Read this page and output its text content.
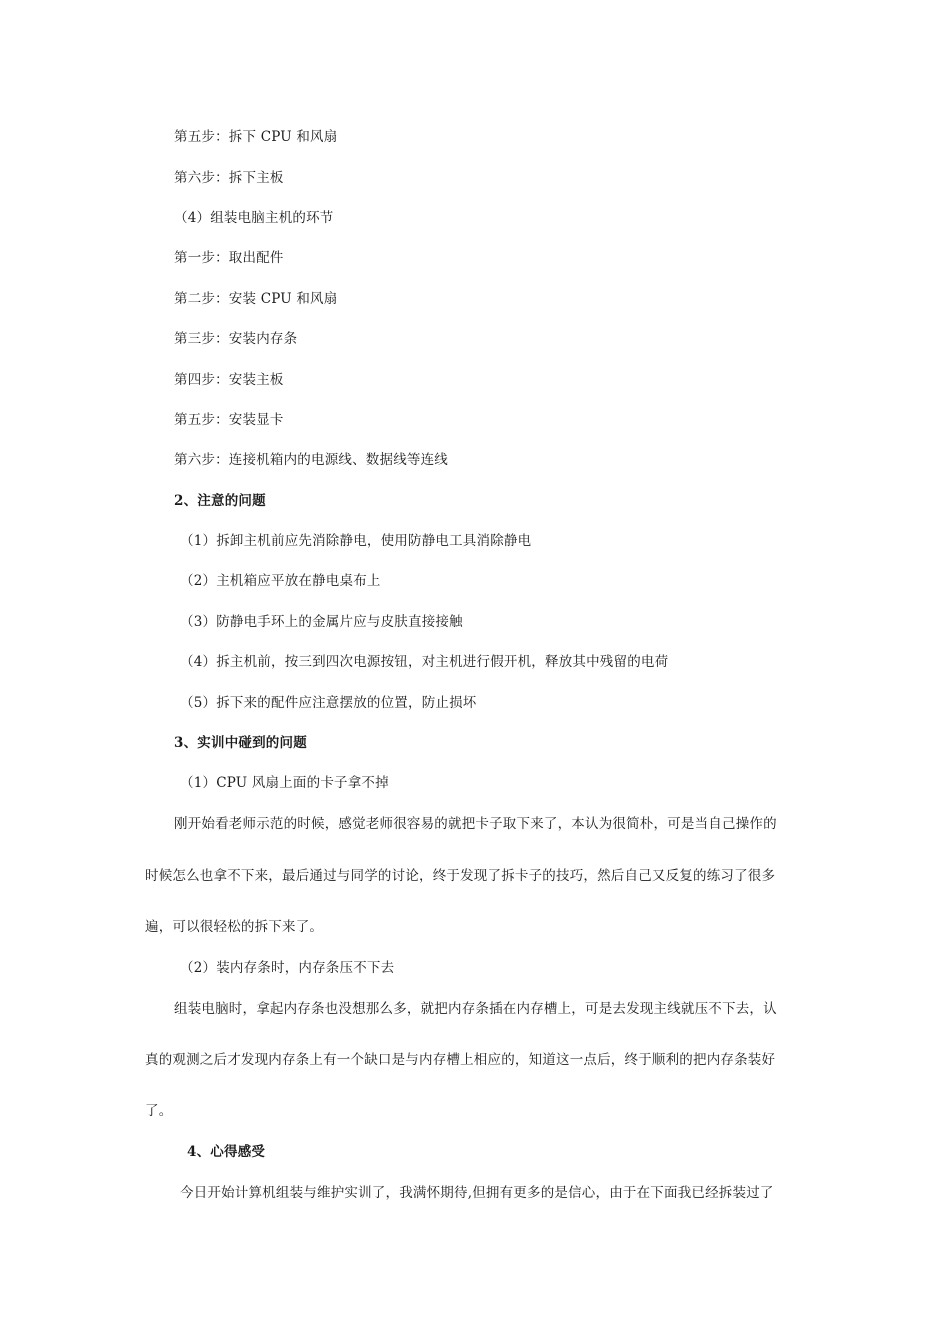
第五步：拆下 CPU 和风扇
第六步：拆下主板
（4）组装电脑主机的环节
第一步：取出配件
第二步：安装 CPU 和风扇
第三步：安装内存条
第四步：安装主板
第五步：安装显卡
第六步：连接机箱内的电源线、数据线等连线
2、注意的问题
（1）拆卸主机前应先消除静电，使用防静电工具消除静电
（2）主机箱应平放在静电桌布上
（3）防静电手环上的金属片应与皮肤直接接触
（4）拆主机前，按三到四次电源按钮，对主机进行假开机，释放其中残留的电荷
（5）拆下来的配件应注意摆放的位置，防止损坏
3、实训中碰到的问题
（1）CPU 风扇上面的卡子拿不掉
刚开始看老师示范的时候，感觉老师很容易的就把卡子取下来了，本认为很简朴，可是当自己操作的
时候怎么也拿不下来，最后通过与同学的讨论，终于发现了拆卡子的技巧，然后自己又反复的练习了很多
遍，可以很轻松的拆下来了。
（2）装内存条时，内存条压不下去
组装电脑时，拿起内存条也没想那么多，就把内存条插在内存槽上，可是去发现主线就压不下去，认
真的观测之后才发现内存条上有一个缺口是与内存槽上相应的，知道这一点后，终于顺利的把内存条装好
了。
4、心得感受
今日开始计算机组装与维护实训了，我满怀期待,但拥有更多的是信心，由于在下面我已经拆装过了
